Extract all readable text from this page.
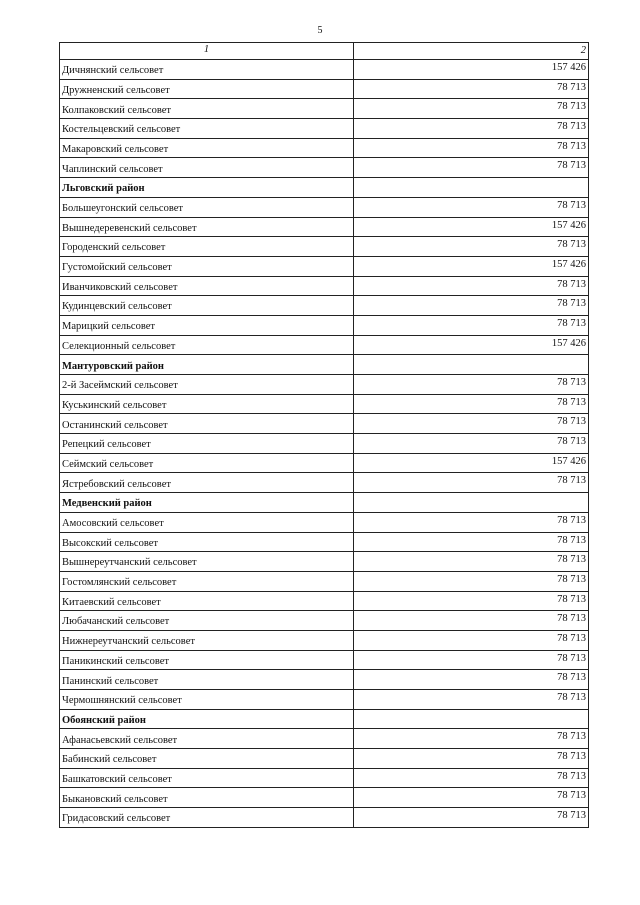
5
1	2
Дичнянский сельсовет	157 426
Дружненский сельсовет	78 713
Колпаковский сельсовет	78 713
Костельцевский сельсовет	78 713
Макаровский сельсовет	78 713
Чаплинский сельсовет	78 713
Льговский район	
Большеугонский сельсовет	78 713
Вышнедеревенский сельсовет	157 426
Городенский сельсовет	78 713
Густомойский сельсовет	157 426
Иванчиковский сельсовет	78 713
Кудинцевский сельсовет	78 713
Марицкий сельсовет	78 713
Селекционный сельсовет	157 426
Мантуровский район	
2-й Засеймский сельсовет	78 713
Куськинский сельсовет	78 713
Останинский сельсовет	78 713
Репецкий сельсовет	78 713
Сеймский сельсовет	157 426
Ястребовский сельсовет	78 713
Медвенский район	
Амосовский сельсовет	78 713
Высокский сельсовет	78 713
Вышнереутчанский сельсовет	78 713
Гостомлянский сельсовет	78 713
Китаевский сельсовет	78 713
Любачанский сельсовет	78 713
Нижнереутчанский сельсовет	78 713
Паникинский сельсовет	78 713
Панинский сельсовет	78 713
Чермошнянский сельсовет	78 713
Обоянский район	
Афанасьевский сельсовет	78 713
Бабинский сельсовет	78 713
Башкатовский сельсовет	78 713
Быкановский сельсовет	78 713
Гридасовский сельсовет	78 713
